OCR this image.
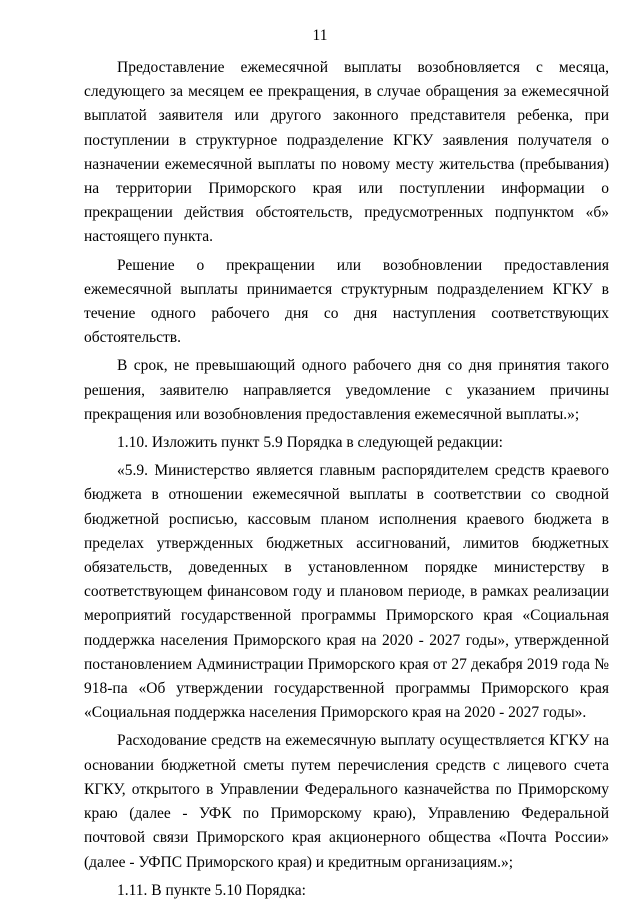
11

Предоставление ежемесячной выплаты возобновляется с месяца, следующего за месяцем ее прекращения, в случае обращения за ежемесячной выплатой заявителя или другого законного представителя ребенка, при поступлении в структурное подразделение КГКУ заявления получателя о назначении ежемесячной выплаты по новому месту жительства (пребывания) на территории Приморского края или поступлении информации о прекращении действия обстоятельств, предусмотренных подпунктом «б» настоящего пункта.

Решение о прекращении или возобновлении предоставления ежемесячной выплаты принимается структурным подразделением КГКУ в течение одного рабочего дня со дня наступления соответствующих обстоятельств.

В срок, не превышающий одного рабочего дня со дня принятия такого решения, заявителю направляется уведомление с указанием причины прекращения или возобновления предоставления ежемесячной выплаты.»;

1.10. Изложить пункт 5.9 Порядка в следующей редакции:

«5.9. Министерство является главным распорядителем средств краевого бюджета в отношении ежемесячной выплаты в соответствии со сводной бюджетной росписью, кассовым планом исполнения краевого бюджета в пределах утвержденных бюджетных ассигнований, лимитов бюджетных обязательств, доведенных в установленном порядке министерству в соответствующем финансовом году и плановом периоде, в рамках реализации мероприятий государственной программы Приморского края «Социальная поддержка населения Приморского края на 2020 - 2027 годы», утвержденной постановлением Администрации Приморского края от 27 декабря 2019 года № 918-па «Об утверждении государственной программы Приморского края «Социальная поддержка населения Приморского края на 2020 - 2027 годы».

Расходование средств на ежемесячную выплату осуществляется КГКУ на основании бюджетной сметы путем перечисления средств с лицевого счета КГКУ, открытого в Управлении Федерального казначейства по Приморскому краю (далее - УФК по Приморскому краю), Управлению Федеральной почтовой связи Приморского края акционерного общества «Почта России» (далее - УФПС Приморского края) и кредитным организациям.»;

1.11. В пункте 5.10 Порядка:
